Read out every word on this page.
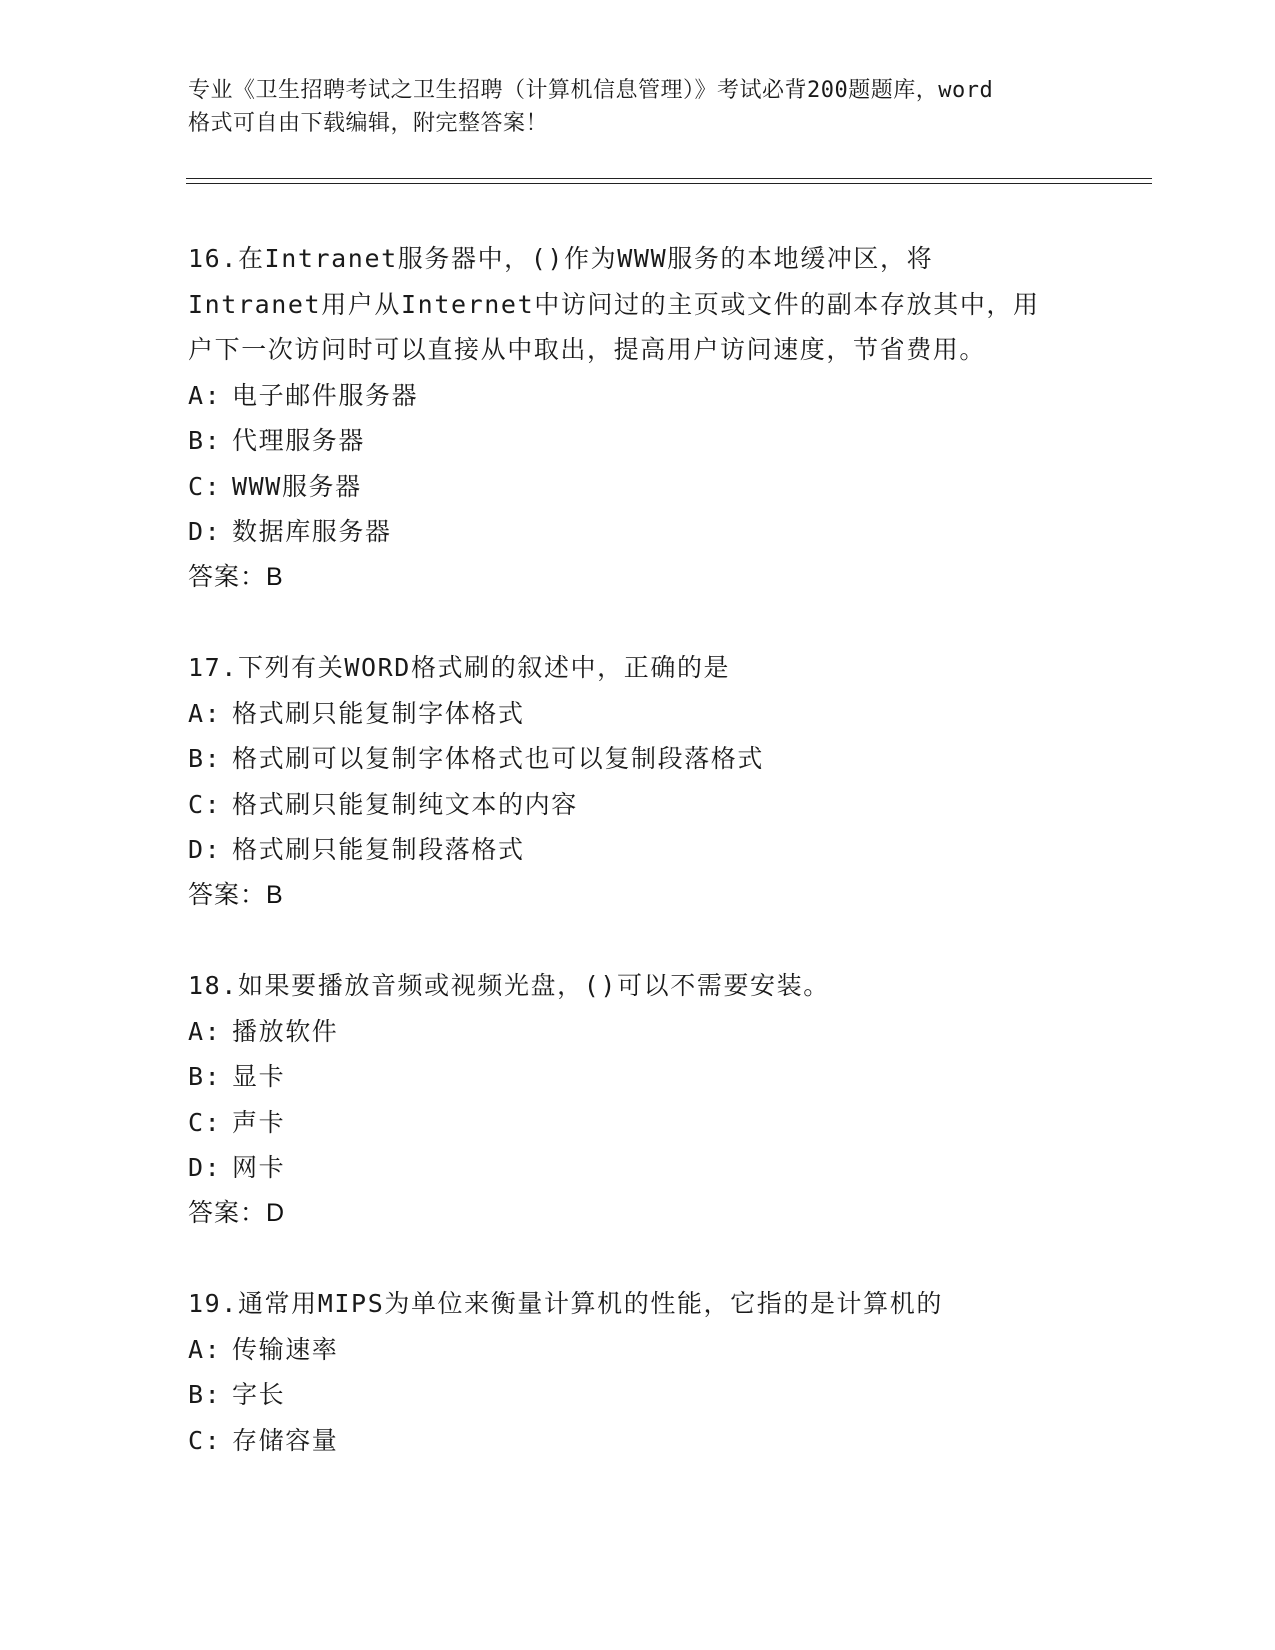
专业《卫生招聘考试之卫生招聘（计算机信息管理）》考试必背200题题库，word
格式可自由下载编辑，附完整答案！
16.在Intranet服务器中，()作为WWW服务的本地缓冲区，将
Intranet用户从Internet中访问过的主页或文件的副本存放其中，用
户下一次访问时可以直接从中取出，提高用户访问速度，节省费用。
A: 电子邮件服务器
B: 代理服务器
C: WWW服务器
D: 数据库服务器
答案：B
17.下列有关WORD格式刷的叙述中，正确的是
A: 格式刷只能复制字体格式
B: 格式刷可以复制字体格式也可以复制段落格式
C: 格式刷只能复制纯文本的内容
D: 格式刷只能复制段落格式
答案：B
18.如果要播放音频或视频光盘，()可以不需要安装。
A: 播放软件
B: 显卡
C: 声卡
D: 网卡
答案：D
19.通常用MIPS为单位来衡量计算机的性能，它指的是计算机的
A: 传输速率
B: 字长
C: 存储容量
